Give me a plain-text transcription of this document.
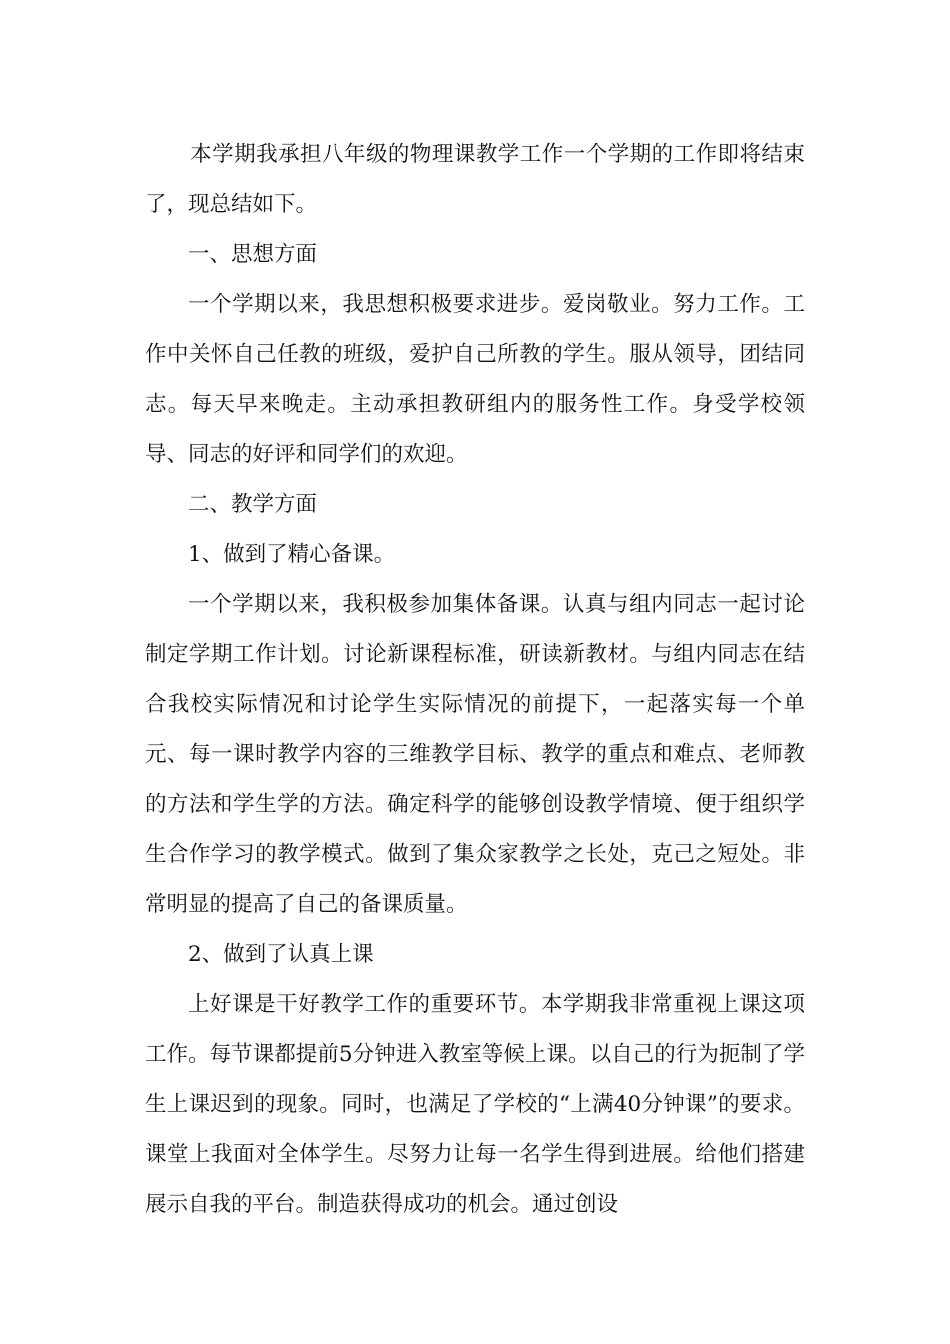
本学期我承担八年级的物理课教学工作一个学期的工作即将结束了，现总结如下。

一、思想方面

一个学期以来，我思想积极要求进步。爱岗敬业。努力工作。工作中关怀自己任教的班级，爱护自己所教的学生。服从领导，团结同志。每天早来晚走。主动承担教研组内的服务性工作。身受学校领导、同志的好评和同学们的欢迎。

二、教学方面

1、做到了精心备课。

一个学期以来，我积极参加集体备课。认真与组内同志一起讨论制定学期工作计划。讨论新课程标准，研读新教材。与组内同志在结合我校实际情况和讨论学生实际情况的前提下，一起落实每一个单元、每一课时教学内容的三维教学目标、教学的重点和难点、老师教的方法和学生学的方法。确定科学的能够创设教学情境、便于组织学生合作学习的教学模式。做到了集众家教学之长处，克己之短处。非常明显的提高了自己的备课质量。

2、做到了认真上课

上好课是干好教学工作的重要环节。本学期我非常重视上课这项工作。每节课都提前5分钟进入教室等候上课。以自己的行为扼制了学生上课迟到的现象。同时，也满足了学校的“上满40分钟课”的要求。课堂上我面对全体学生。尽努力让每一名学生得到进展。给他们搭建展示自我的平台。制造获得成功的机会。通过创设
